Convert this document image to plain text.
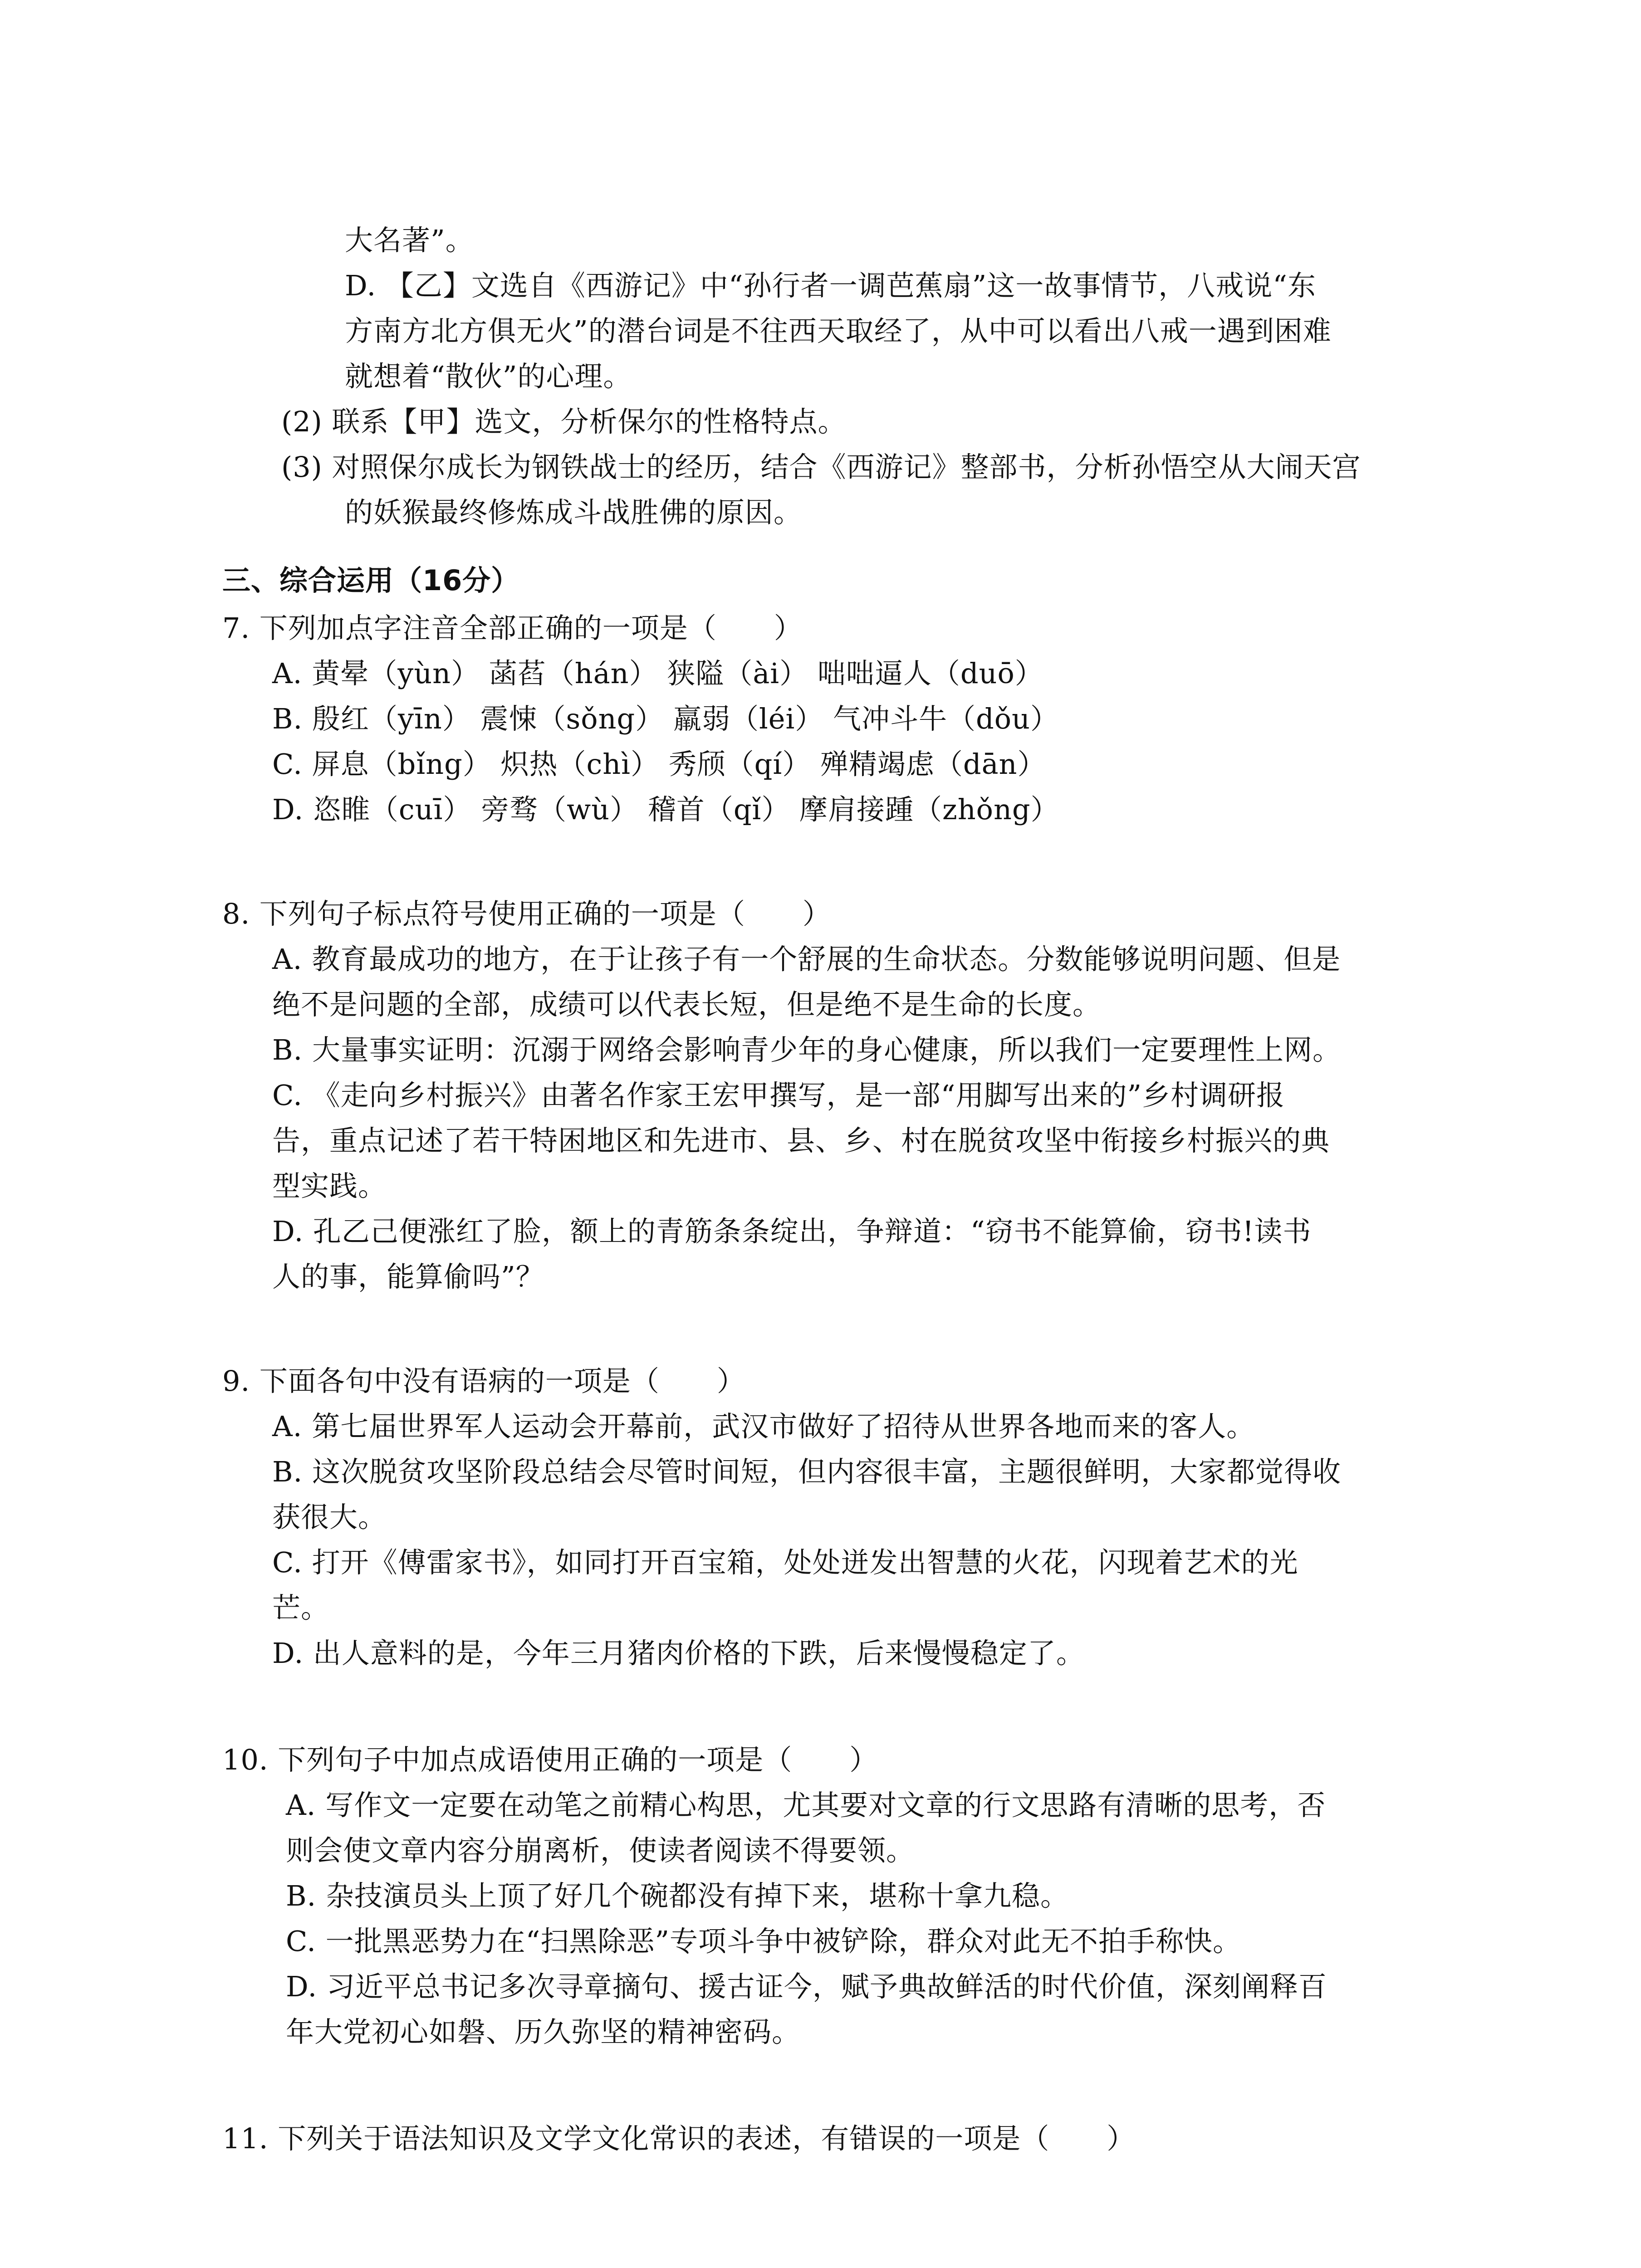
大名著”。
D. 【乙】文选自《西游记》中“孙行者一调芭蕉扇”这一故事情节，八戒说“东
方南方北方俱无火”的潜台词是不往西天取经了，从中可以看出八戒一遇到困难
就想着“散伙”的心理。
(2) 联系【甲】选文，分析保尔的性格特点。
(3) 对照保尔成长为钢铁战士的经历，结合《西游记》整部书，分析孙悟空从大闹天宫
的妖猴最终修炼成斗战胜佛的原因。
三、综合运用（16分）
7. 下列加点字注音全部正确的一项是（　　）
A. 黄晕（yùn） 菡萏（hán） 狭隘（ài） 咄咄逼人（duō）
B. 殷红（yīn） 震悚（sǒng） 羸弱（léi） 气冲斗牛（dǒu）
C. 屏息（bǐng） 炽热（chì） 秀颀（qí） 殚精竭虑（dān）
D. 恣睢（cuī） 旁骛（wù） 稽首（qǐ） 摩肩接踵（zhǒng）
8. 下列句子标点符号使用正确的一项是（　　）
A. 教育最成功的地方，在于让孩子有一个舒展的生命状态。分数能够说明问题、但是
绝不是问题的全部，成绩可以代表长短，但是绝不是生命的长度。
B. 大量事实证明：沉溺于网络会影响青少年的身心健康，所以我们一定要理性上网。
C. 《走向乡村振兴》由著名作家王宏甲撰写，是一部“用脚写出来的”乡村调研报
告，重点记述了若干特困地区和先进市、县、乡、村在脱贫攻坚中衔接乡村振兴的典
型实践。
D. 孔乙己便涨红了脸，额上的青筋条条绽出，争辩道：“窃书不能算偷，窃书!读书
人的事，能算偷吗”？
9. 下面各句中没有语病的一项是（　　）
A. 第七届世界军人运动会开幕前，武汉市做好了招待从世界各地而来的客人。
B. 这次脱贫攻坚阶段总结会尽管时间短，但内容很丰富，主题很鲜明，大家都觉得收
获很大。
C. 打开《傅雷家书》，如同打开百宝箱，处处迸发出智慧的火花，闪现着艺术的光
芒。
D. 出人意料的是，今年三月猪肉价格的下跌，后来慢慢稳定了。
10. 下列句子中加点成语使用正确的一项是（　　）
A. 写作文一定要在动笔之前精心构思，尤其要对文章的行文思路有清晰的思考，否
则会使文章内容分崩离析，使读者阅读不得要领。
B. 杂技演员头上顶了好几个碗都没有掉下来，堪称十拿九稳。
C. 一批黑恶势力在“扫黑除恶”专项斗争中被铲除，群众对此无不拍手称快。
D. 习近平总书记多次寻章摘句、援古证今，赋予典故鲜活的时代价值，深刻阐释百
年大党初心如磐、历久弥坚的精神密码。
11. 下列关于语法知识及文学文化常识的表述，有错误的一项是（　　）
